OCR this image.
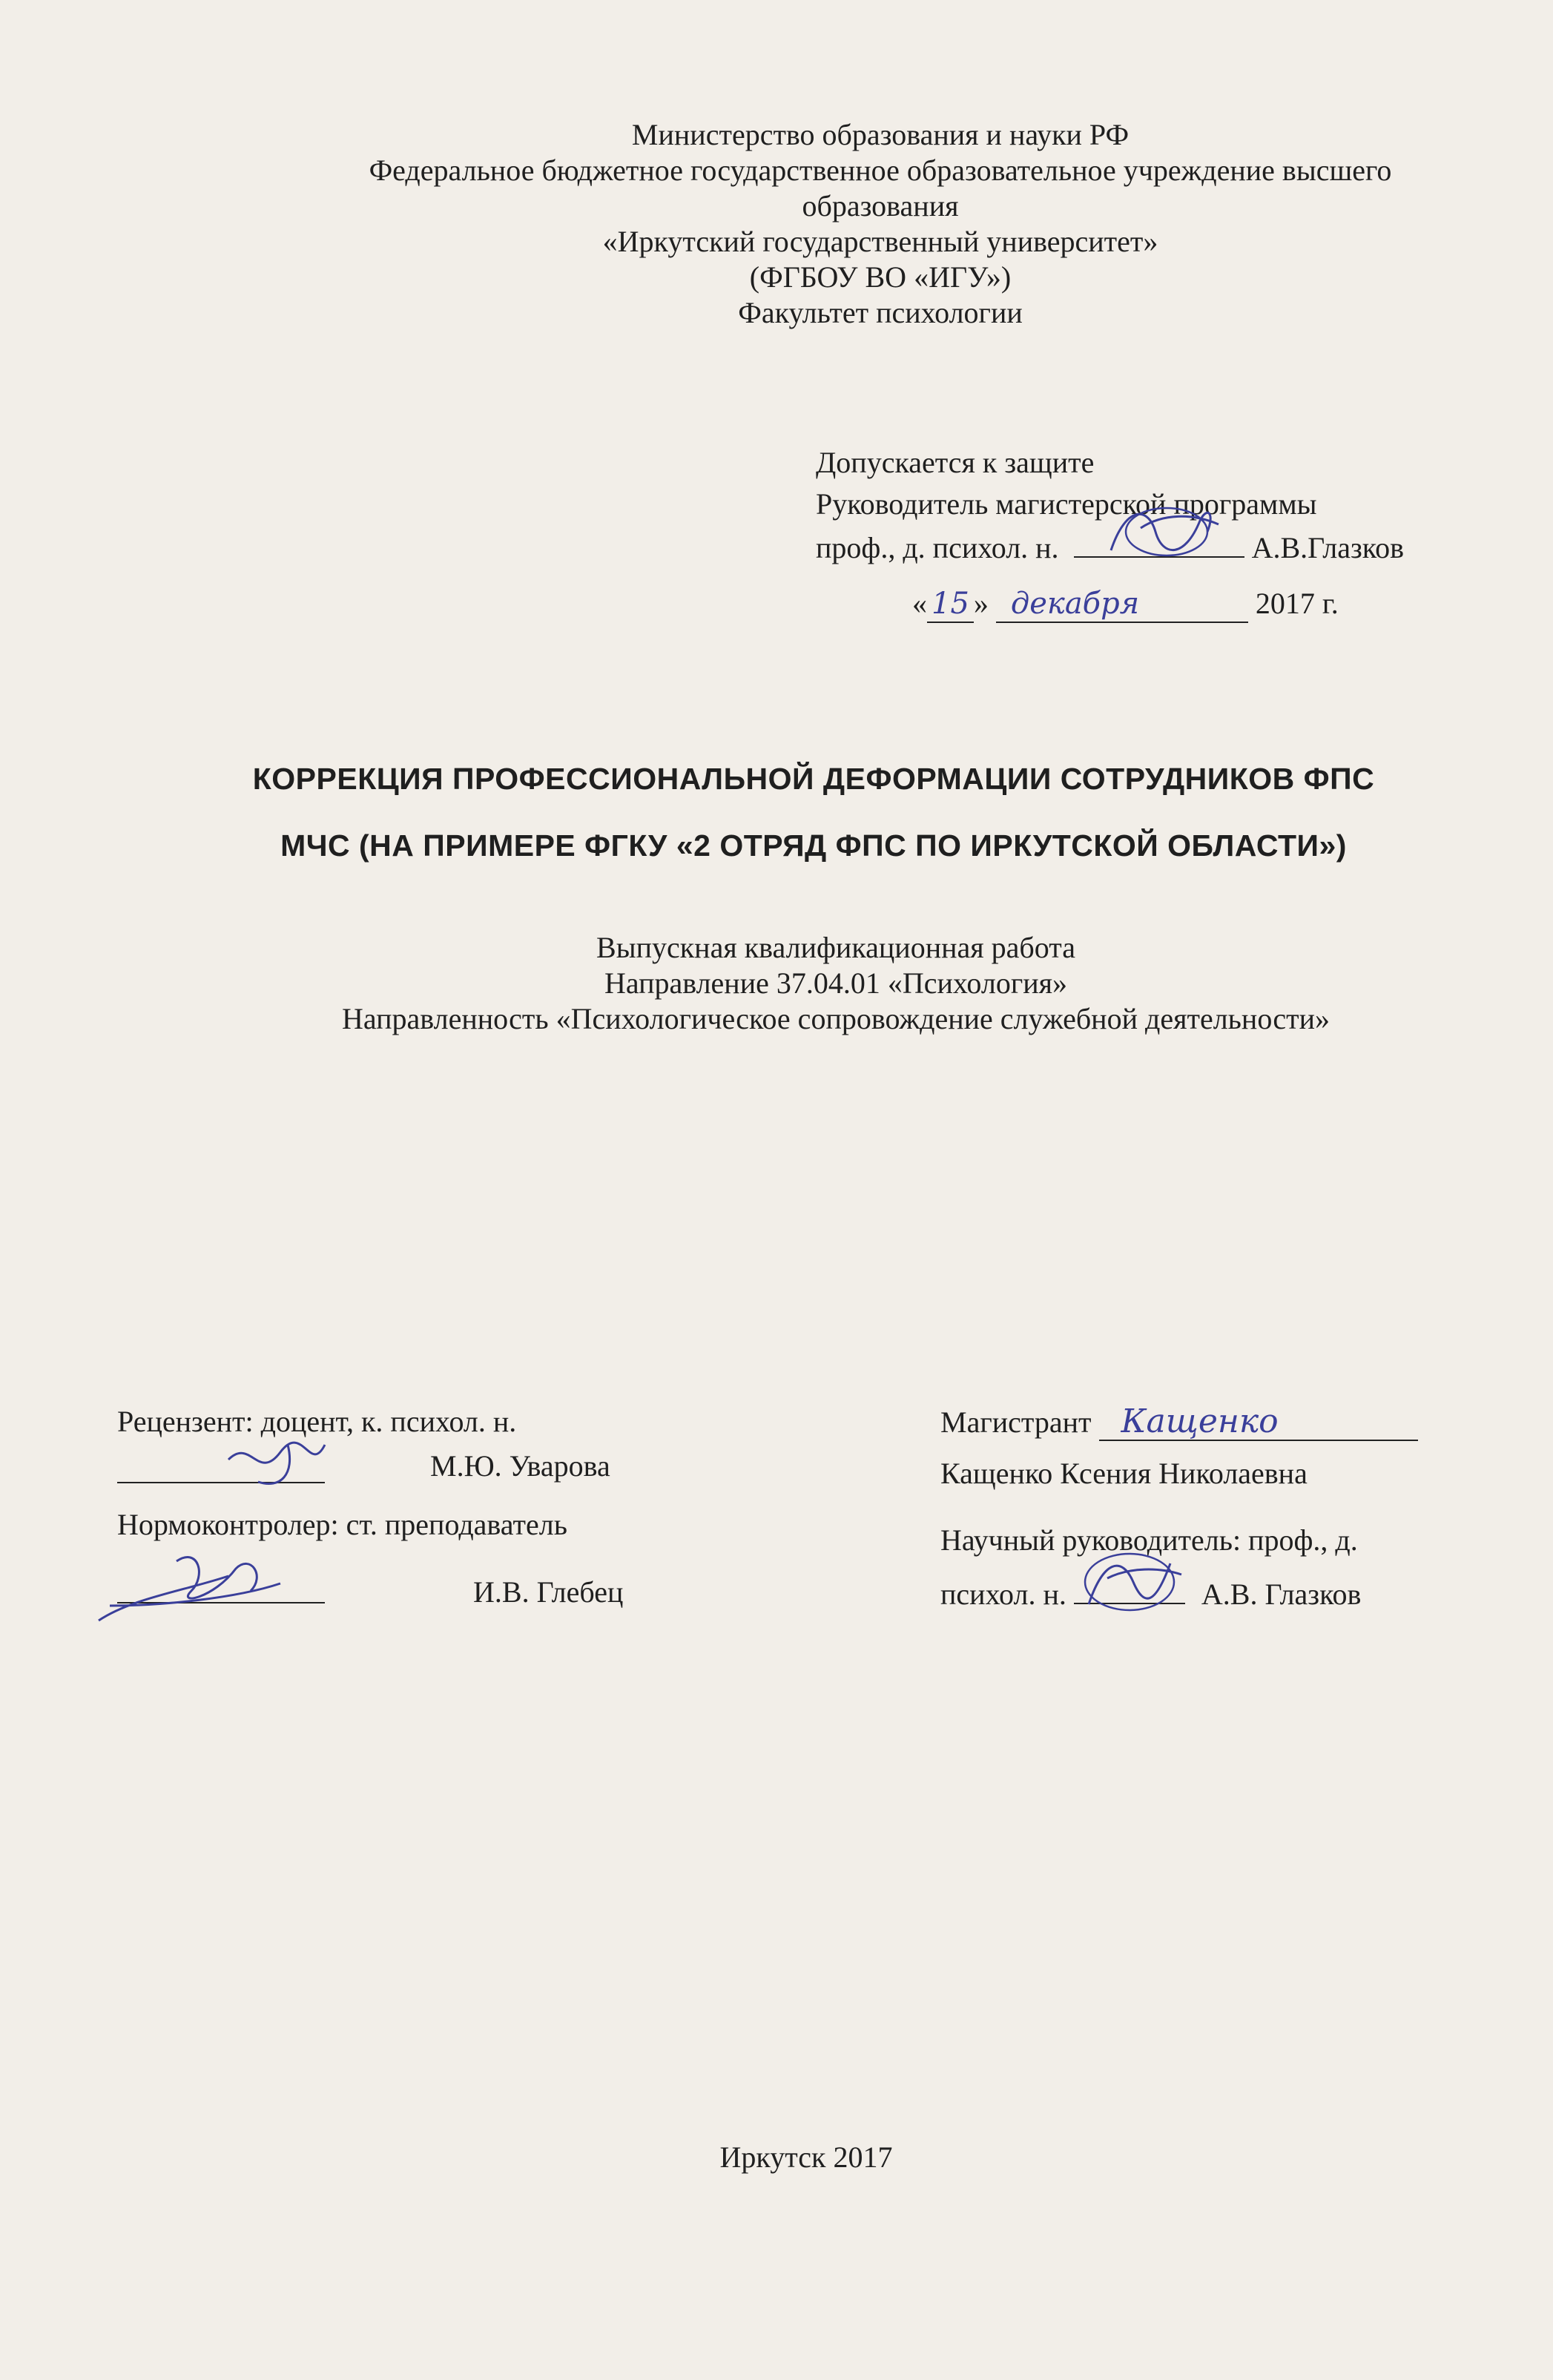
Министерство образования и науки РФ
Федеральное бюджетное государственное образовательное учреждение высшего
образования
«Иркутский государственный университет»
(ФГБОУ ВО «ИГУ»)
Факультет психологии
Допускается к защите
Руководитель магистерской программы
проф., д. психол. н.	А.В.Глазков
« 15 » декабря	2017 г.
КОРРЕКЦИЯ ПРОФЕССИОНАЛЬНОЙ ДЕФОРМАЦИИ СОТРУДНИКОВ ФПС
МЧС (НА ПРИМЕРЕ ФГКУ «2 ОТРЯД ФПС ПО ИРКУТСКОЙ ОБЛАСТИ»)
Выпускная квалификационная работа
Направление 37.04.01 «Психология»
Направленность «Психологическое сопровождение служебной деятельности»
Рецензент: доцент, к. психол. н.
М.Ю. Уварова
Нормоконтролер: ст. преподаватель
И.В. Глебец
Магистрант Кащенко
Кащенко Ксения Николаевна
Научный руководитель: проф., д.
психол. н.	А.В. Глазков
Иркутск 2017
